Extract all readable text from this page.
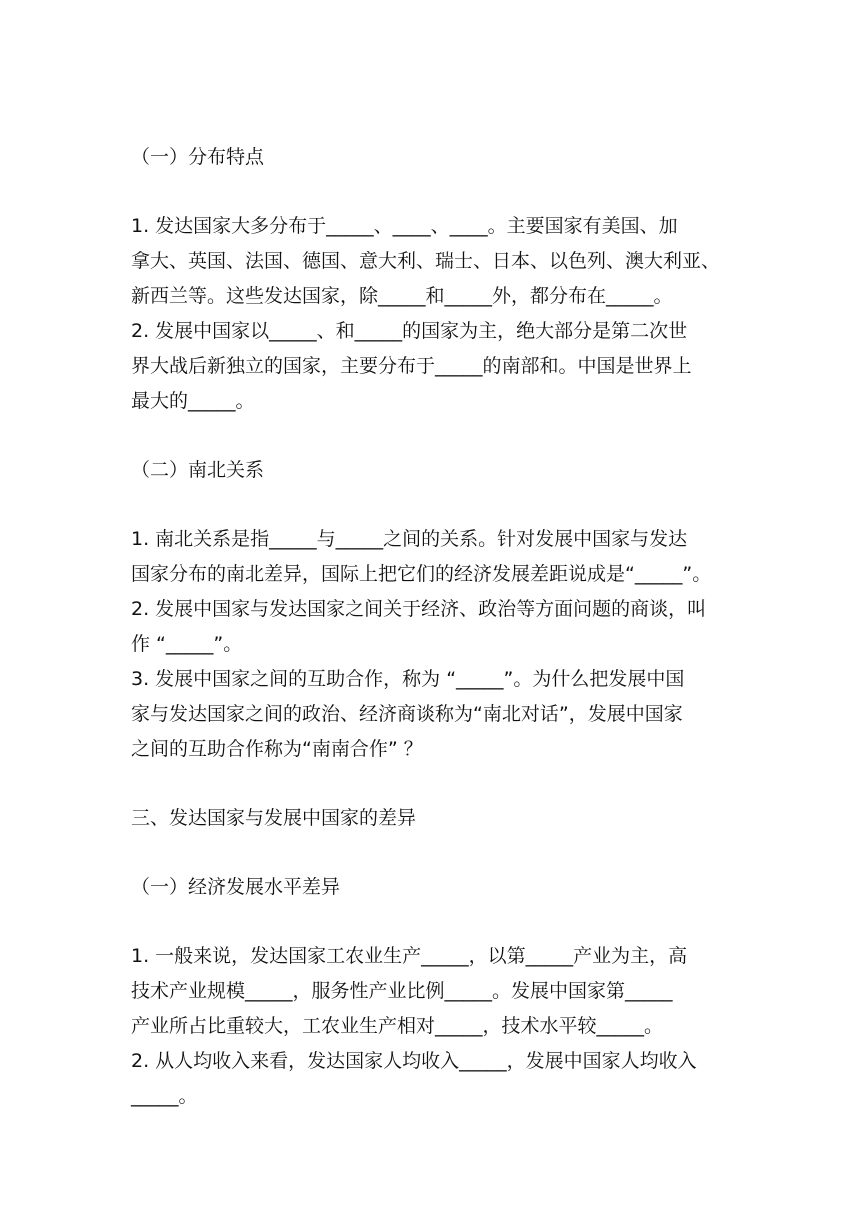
（一）分布特点
1. 发达国家大多分布于_____、____、____。主要国家有美国、加
拿大、英国、法国、德国、意大利、瑞士、日本、以色列、澳大利亚、
新西兰等。这些发达国家，除_____和_____外，都分布在_____。
2. 发展中国家以_____、和_____的国家为主，绝大部分是第二次世
界大战后新独立的国家，主要分布于_____的南部和。中国是世界上
最大的_____。
（二）南北关系
1. 南北关系是指_____与_____之间的关系。针对发展中国家与发达
国家分布的南北差异，国际上把它们的经济发展差距说成是“_____”。
2. 发展中国家与发达国家之间关于经济、政治等方面问题的商谈，叫
作 “_____”。
3. 发展中国家之间的互助合作，称为 “_____”。为什么把发展中国
家与发达国家之间的政治、经济商谈称为“南北对话”，发展中国家
之间的互助合作称为“南南合作” ？
三、发达国家与发展中国家的差异
（一）经济发展水平差异
1. 一般来说，发达国家工农业生产_____，以第_____产业为主，高
技术产业规模_____，服务性产业比例_____。发展中国家第_____
产业所占比重较大，工农业生产相对_____，技术水平较_____。
2. 从人均收入来看，发达国家人均收入_____，发展中国家人均收入
_____。
